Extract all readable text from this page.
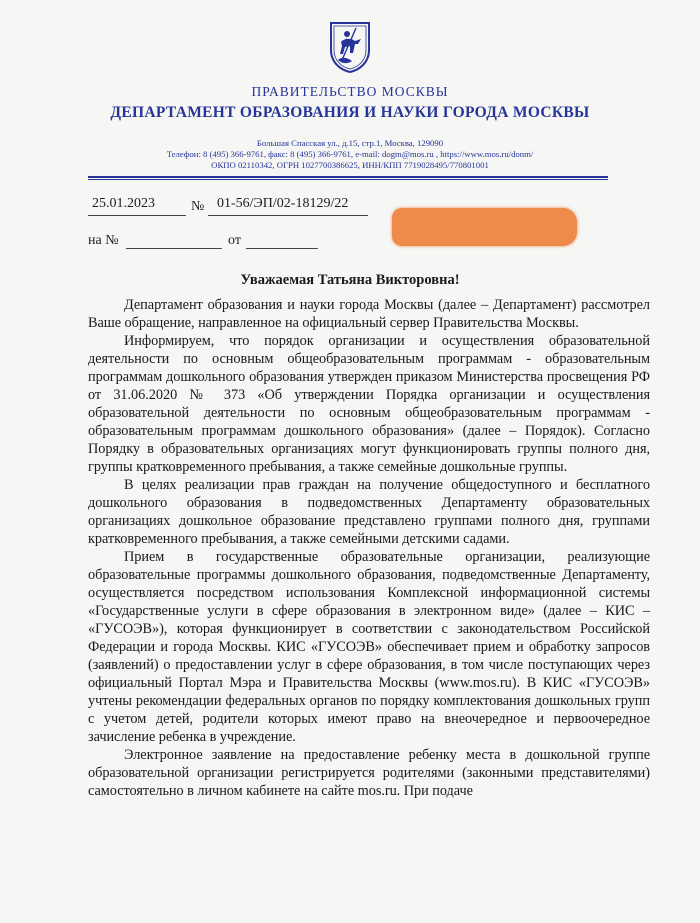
ПРАВИТЕЛЬСТВО МОСКВЫ
ДЕПАРТАМЕНТ ОБРАЗОВАНИЯ И НАУКИ ГОРОДА МОСКВЫ
Большая Спасская ул., д.15, стр.1, Москва, 129090
Телефон: 8 (495) 366-9761, факс: 8 (495) 366-9761, e-mail: dogm@mos.ru , https://www.mos.ru/donm/
ОКПО 02110342, ОГРН 1027700386625, ИНН/КПП 7719028495/770801001
25.01.2023	№ 01-56/ЭП/02-18129/22
на №	от
Уважаемая Татьяна Викторовна!

Департамент образования и науки города Москвы (далее – Департамент) рассмотрел Ваше обращение, направленное на официальный сервер Правительства Москвы.

Информируем, что порядок организации и осуществления образовательной деятельности по основным общеобразовательным программам - образовательным программам дошкольного образования утвержден приказом Министерства просвещения РФ от 31.06.2020 № 373 «Об утверждении Порядка организации и осуществления образовательной деятельности по основным общеобразовательным программам - образовательным программам дошкольного образования» (далее – Порядок). Согласно Порядку в образовательных организациях могут функционировать группы полного дня, группы кратковременного пребывания, а также семейные дошкольные группы.

В целях реализации прав граждан на получение общедоступного и бесплатного дошкольного образования в подведомственных Департаменту образовательных организациях дошкольное образование представлено группами полного дня, группами кратковременного пребывания, а также семейными детскими садами.

Прием в государственные образовательные организации, реализующие образовательные программы дошкольного образования, подведомственные Департаменту, осуществляется посредством использования Комплексной информационной системы «Государственные услуги в сфере образования в электронном виде» (далее – КИС – «ГУСОЭВ»), которая функционирует в соответствии с законодательством Российской Федерации и города Москвы. КИС «ГУСОЭВ» обеспечивает прием и обработку запросов (заявлений) о предоставлении услуг в сфере образования, в том числе поступающих через официальный Портал Мэра и Правительства Москвы (www.mos.ru). В КИС «ГУСОЭВ» учтены рекомендации федеральных органов по порядку комплектования дошкольных групп с учетом детей, родители которых имеют право на внеочередное и первоочередное зачисление ребенка в учреждение.

Электронное заявление на предоставление ребенку места в дошкольной группе образовательной организации регистрируется родителями (законными представителями) самостоятельно в личном кабинете на сайте mos.ru. При подаче
